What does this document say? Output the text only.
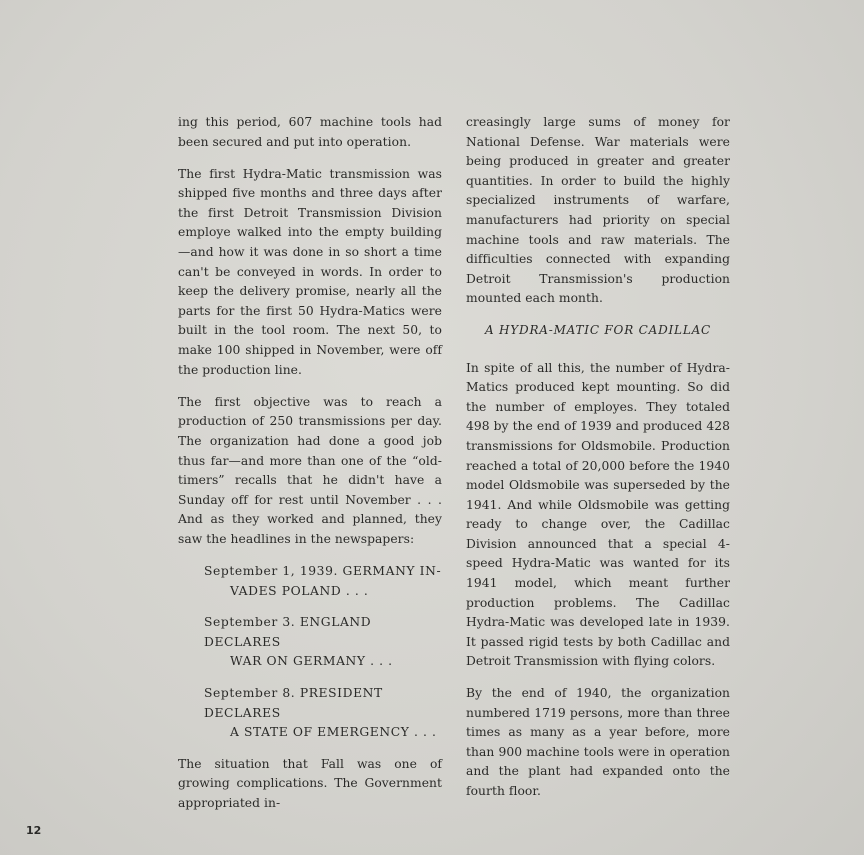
ing this period, 607 machine tools had been secured and put into operation.

The first Hydra-Matic transmission was shipped five months and three days after the first Detroit Transmission Division employe walked into the empty building—and how it was done in so short a time can't be conveyed in words. In order to keep the delivery promise, nearly all the parts for the first 50 Hydra-Matics were built in the tool room. The next 50, to make 100 shipped in November, were off the production line.

The first objective was to reach a production of 250 transmissions per day. The organization had done a good job thus far—and more than one of the “old-timers” recalls that he didn't have a Sunday off for rest until November . . . And as they worked and planned, they saw the headlines in the newspapers:

September 1, 1939. GERMANY IN-
VADES POLAND . . .
September 3. ENGLAND DECLARES
WAR ON GERMANY . . .
September 8. PRESIDENT DECLARES
A STATE OF EMERGENCY . . .

The situation that Fall was one of growing complications. The Government appropriated in-

creasingly large sums of money for National Defense. War materials were being produced in greater and greater quantities. In order to build the highly specialized instruments of warfare, manufacturers had priority on special machine tools and raw materials. The difficulties connected with expanding Detroit Transmission's production mounted each month.

A HYDRA-MATIC FOR CADILLAC

In spite of all this, the number of Hydra-Matics produced kept mounting. So did the number of employes. They totaled 498 by the end of 1939 and produced 428 transmissions for Oldsmobile. Production reached a total of 20,000 before the 1940 model Oldsmobile was superseded by the 1941. And while Oldsmobile was getting ready to change over, the Cadillac Division announced that a special 4-speed Hydra-Matic was wanted for its 1941 model, which meant further production problems. The Cadillac Hydra-Matic was developed late in 1939. It passed rigid tests by both Cadillac and Detroit Transmission with flying colors.

By the end of 1940, the organization numbered 1719 persons, more than three times as many as a year before, more than 900 machine tools were in operation and the plant had expanded onto the fourth floor.

12
